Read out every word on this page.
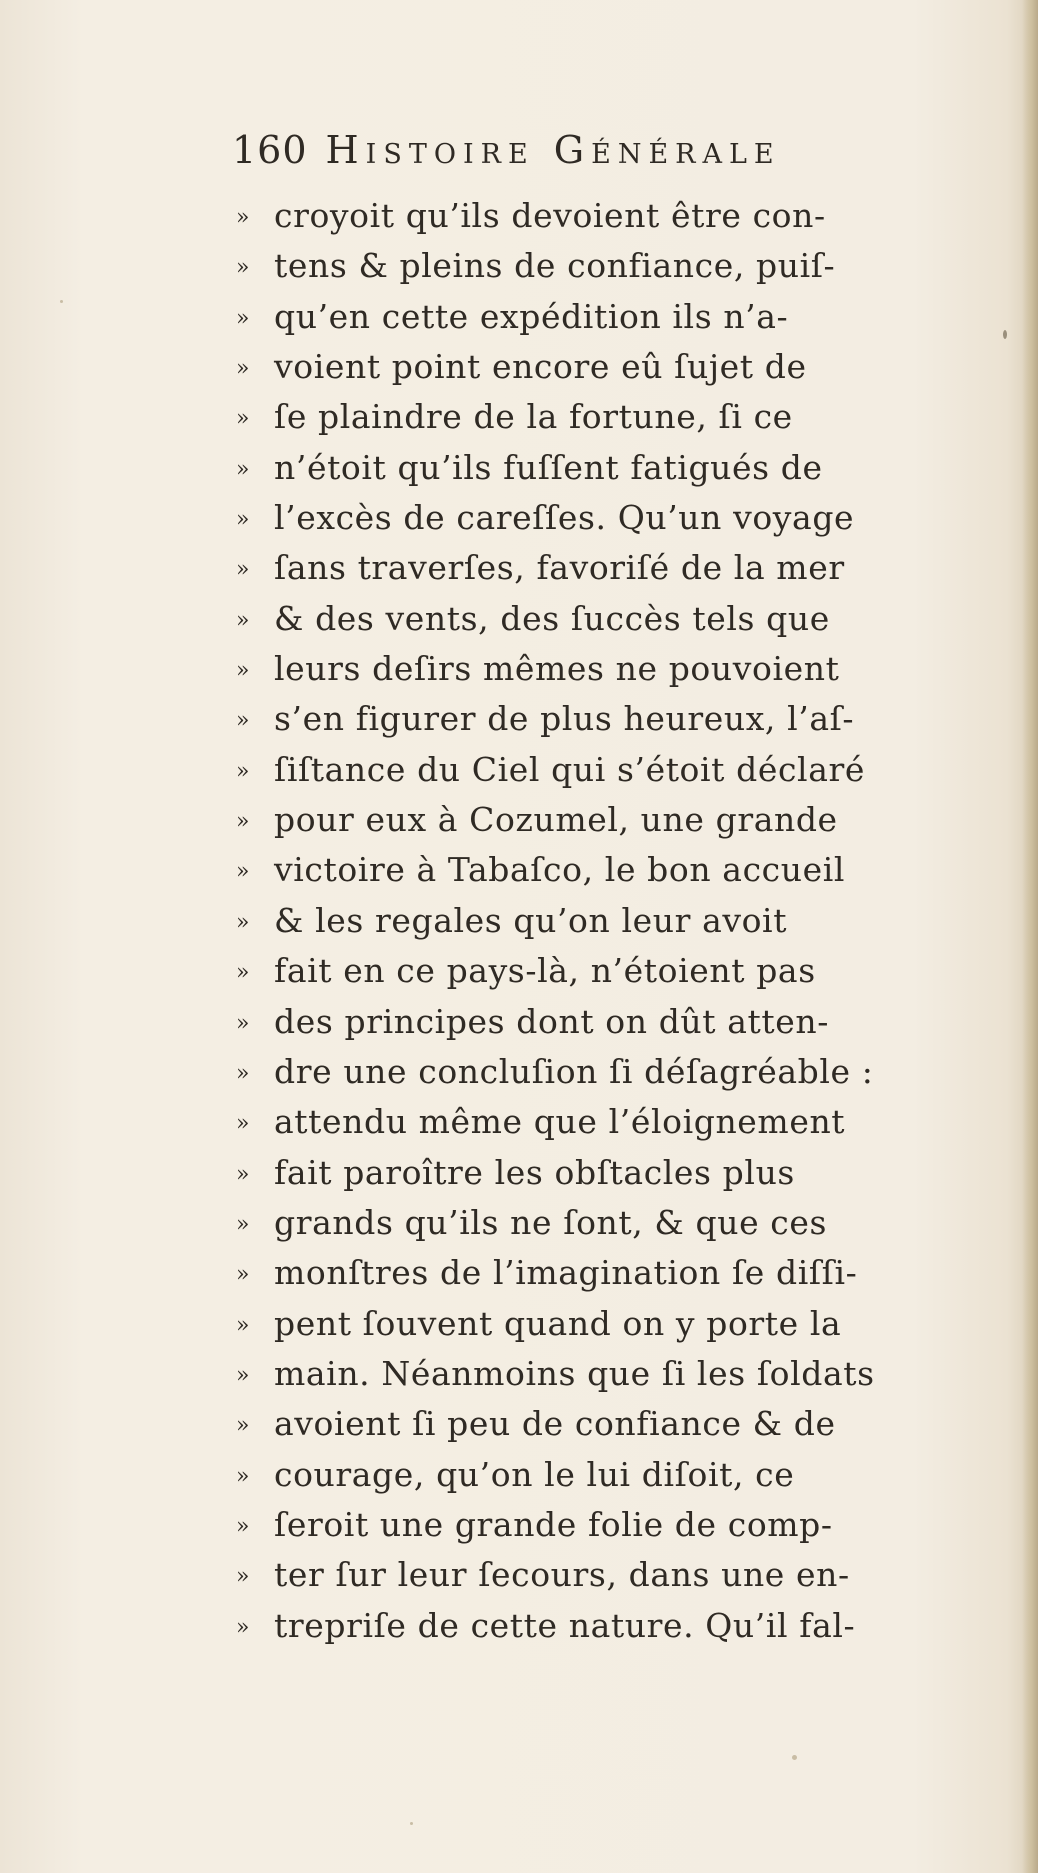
160 Histoire Générale
» croyoit qu’ils devoient être con-
» tens & pleins de confiance, puiſ-
» qu’en cette expédition ils n’a-
» voient point encore eû ſujet de
» ſe plaindre de la fortune, ſi ce
» n’étoit qu’ils fuſſent fatigués de
» l’excès de careſſes. Qu’un voyage
» ſans traverſes, favoriſé de la mer
» & des vents, des ſuccès tels que
» leurs deſirs mêmes ne pouvoient
» s’en figurer de plus heureux, l’aſ-
» ſiſtance du Ciel qui s’étoit déclaré
» pour eux à Cozumel, une grande
» victoire à Tabaſco, le bon accueil
» & les regales qu’on leur avoit
» fait en ce pays-là, n’étoient pas
» des principes dont on dût atten-
» dre une concluſion ſi déſagréable :
» attendu même que l’éloignement
» fait paroître les obſtacles plus
» grands qu’ils ne ſont, & que ces
» monſtres de l’imagination ſe diſſi-
» pent ſouvent quand on y porte la
» main. Néanmoins que ſi les ſoldats
» avoient ſi peu de confiance & de
» courage, qu’on le lui diſoit, ce
» ſeroit une grande folie de comp-
» ter ſur leur ſecours, dans une en-
» trepriſe de cette nature. Qu’il fal-
